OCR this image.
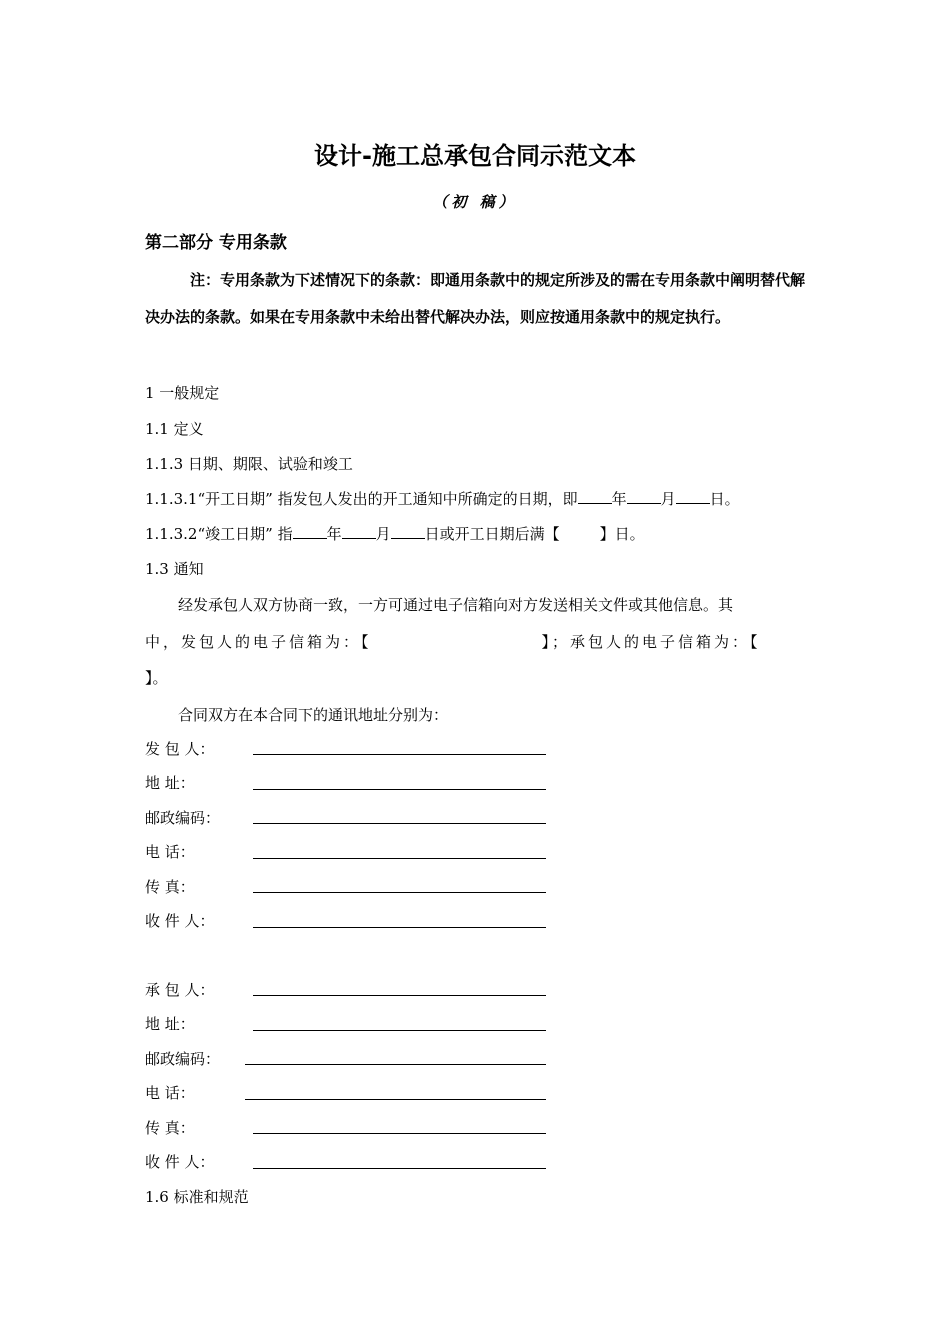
设计-施工总承包合同示范文本
（初 稿）
第二部分 专用条款
注：专用条款为下述情况下的条款：即通用条款中的规定所涉及的需在专用条款中阐明替代解决办法的条款。如果在专用条款中未给出替代解决办法，则应按通用条款中的规定执行。
1 一般规定
1.1 定义
1.1.3 日期、期限、试验和竣工
1.1.3.1“开工日期” 指发包人发出的开工通知中所确定的日期，即 年 月 日。
1.1.3.2“竣工日期” 指 年 月 日或开工日期后满【	】日。
1.3 通知
经发承包人双方协商一致，一方可通过电子信箱向对方发送相关文件或其他信息。其
中，发包人的电子信箱为：【	】；承包人的电子信箱为：【
】。
合同双方在本合同下的通讯地址分别为：
发 包 人：
地 址：
邮政编码：
电 话：
传 真：
收 件 人：
承 包 人：
地 址：
邮政编码：
电 话：
传 真：
收 件 人：
1.6 标准和规范
